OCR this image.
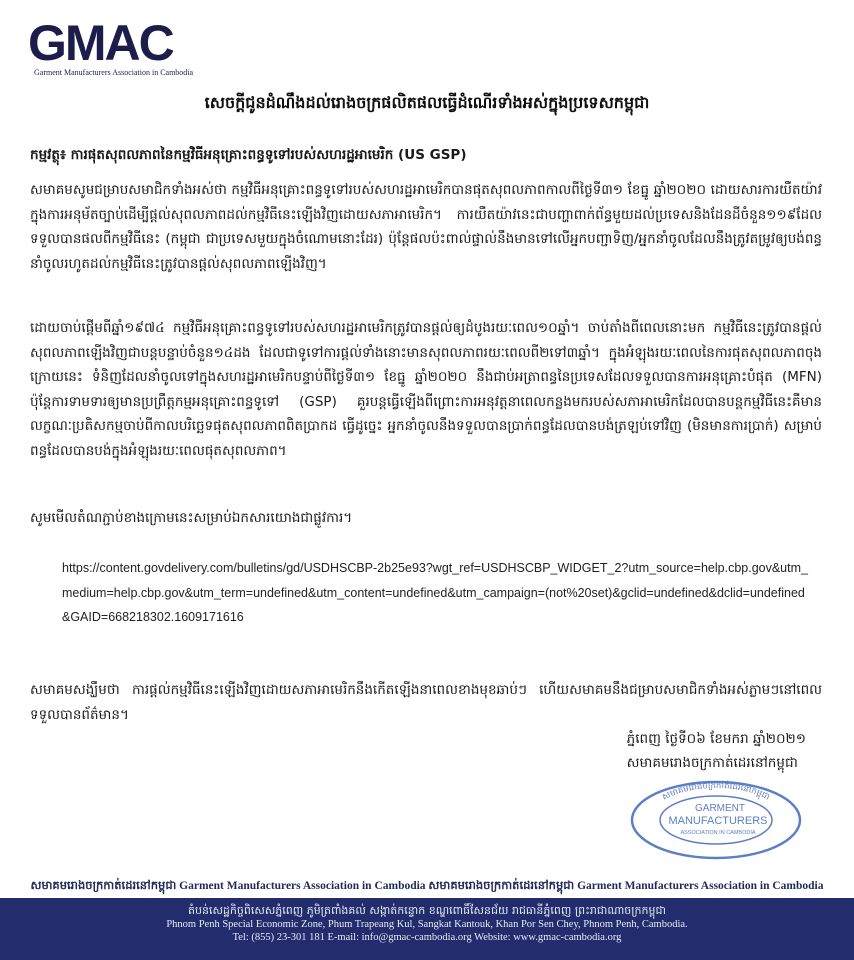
GMAC
Garment Manufacturers Association in Cambodia
សេចក្តីជូនដំណឹងដល់រោងចក្រផលិតផលធ្វើដំណើរទាំងអស់ក្នុងប្រទេសកម្ពុជា
កម្មវត្ថុ៖ ការផុតសុពលភាពនៃកម្មវិធីអនុគ្រោះពន្ធទូទៅរបស់សហរដ្ឋអាមេរិក (US GSP)

សមាគមសូមជម្រាបសមាជិកទាំងអស់ថា កម្មវិធីអនុគ្រោះពន្ធទូទៅរបស់សហរដ្ឋអាមេរិកបានផុតសុពលភាពកាលពីថ្ងៃទី៣១ ខែធ្នូ ឆ្នាំ២០២០ ដោយសារការយឺតយ៉ាវក្នុងការអនុម័តច្បាប់ដើម្បីផ្តល់សុពលភាពដល់កម្មវិធីនេះឡើងវិញដោយសភាអាមេរិក។ ការយឺតយ៉ាវនេះជាបញ្ហាពាក់ព័ន្ធមួយដល់ប្រទេសនិងដែនដីចំនួន១១៩ដែលទទួលបានផលពីកម្មវិធីនេះ (កម្ពុជា ជាប្រទេសមួយក្នុងចំណោមនោះដែរ) ប៉ុន្តែផលប៉ះពាល់ផ្ទាល់នឹងមានទៅលើអ្នកបញ្ជាទិញ/អ្នកនាំចូលដែលនឹងត្រូវតម្រូវឲ្យបង់ពន្ធនាំចូលរហូតដល់កម្មវិធីនេះត្រូវបានផ្តល់សុពលភាពឡើងវិញ។

ដោយចាប់ផ្តើមពីឆ្នាំ១៩៧៤ កម្មវិធីអនុគ្រោះពន្ធទូទៅរបស់សហរដ្ឋអាមេរិកត្រូវបានផ្តល់ឲ្យដំបូងរយៈពេល១០ឆ្នាំ។ ចាប់តាំងពីពេលនោះមក កម្មវិធីនេះត្រូវបានផ្តល់សុពលភាពឡើងវិញជាបន្តបន្ទាប់ចំនួន១៤ដង ដែលជាទូទៅការផ្តល់ទាំងនោះមានសុពលភាពរយៈពេលពី២ទៅ៣ឆ្នាំ។ ក្នុងអំឡុងរយៈពេលនៃការផុតសុពលភាពចុងក្រោយនេះ ទំនិញដែលនាំចូលទៅក្នុងសហរដ្ឋអាមេរិកបន្ទាប់ពីថ្ងៃទី៣១ ខែធ្នូ ឆ្នាំ២០២០ នឹងជាប់អត្រាពន្ធនៃប្រទេសដែលទទួលបានការអនុគ្រោះបំផុត (MFN) ប៉ុន្តែការទាមទារឲ្យមានប្រព្រឹត្តកម្មអនុគ្រោះពន្ធទូទៅ (GSP) គួរបន្តធ្វើឡើងពីព្រោះការអនុវត្តនាពេលកន្លងមករបស់សភាអាមេរិកដែលបានបន្តកម្មវិធីនេះគឺមានលក្ខណៈប្រតិសកម្មចាប់ពីកាលបរិច្ឆេទផុតសុពលភាពពិតប្រាកដ ធ្វើដូច្នេះ អ្នកនាំចូលនឹងទទួលបានប្រាក់ពន្ធដែលបានបង់ត្រឡប់ទៅវិញ (មិនមានការប្រាក់) សម្រាប់ពន្ធដែលបានបង់ក្នុងអំឡុងរយៈពេលផុតសុពលភាព។

សូមមើលតំណភ្ជាប់ខាងក្រោមនេះសម្រាប់ឯកសារយោងជាផ្លូវការ។

https://content.govdelivery.com/bulletins/gd/USDHSCBP-2b25e93?wgt_ref=USDHSCBP_WIDGET_2?utm_source=help.cbp.gov&utm_medium=help.cbp.gov&utm_term=undefined&utm_content=undefined&utm_campaign=(not%20set)&gclid=undefined&dclid=undefined&GAID=668218302.1609171616

សមាគមសង្ឃឹមថា ការផ្តល់កម្មវិធីនេះឡើងវិញដោយសភាអាមេរិកនឹងកើតឡើងនាពេលខាងមុខឆាប់ៗ ហើយសមាគមនឹងជម្រាបសមាជិកទាំងអស់ភ្លាមៗនៅពេលទទួលបានព័ត៌មាន។

ភ្នំពេញ ថ្ងៃទី០៦ ខែមករា ឆ្នាំ២០២១
សមាគមរោងចក្រកាត់ដេរនៅកម្ពុជា
សមាគមរោងចក្រកាត់ដេរនៅកម្ពុជា
GARMENT
MANUFACTURERS
ASSOCIATION IN CAMBODIA
សមាគមរោងចក្រកាត់ដេរនៅកម្ពុជា Garment Manufacturers Association in Cambodia សមាគមរោងចក្រកាត់ដេរនៅកម្ពុជា Garment Manufacturers Association in Cambodia
តំបន់សេដ្ឋកិច្ចពិសេសភ្នំពេញ ភូមិត្រពាំងគល់ សង្កាត់កន្ទោក ខណ្ឌពោធិ៍សែនជ័យ រាជធានីភ្នំពេញ ព្រះរាជាណាចក្រកម្ពុជា
Phnom Penh Special Economic Zone, Phum Trapeang Kul, Sangkat Kantouk, Khan Por Sen Chey, Phnom Penh, Cambodia.
Tel: (855) 23-301 181 E-mail: info@gmac-cambodia.org Website: www.gmac-cambodia.org
